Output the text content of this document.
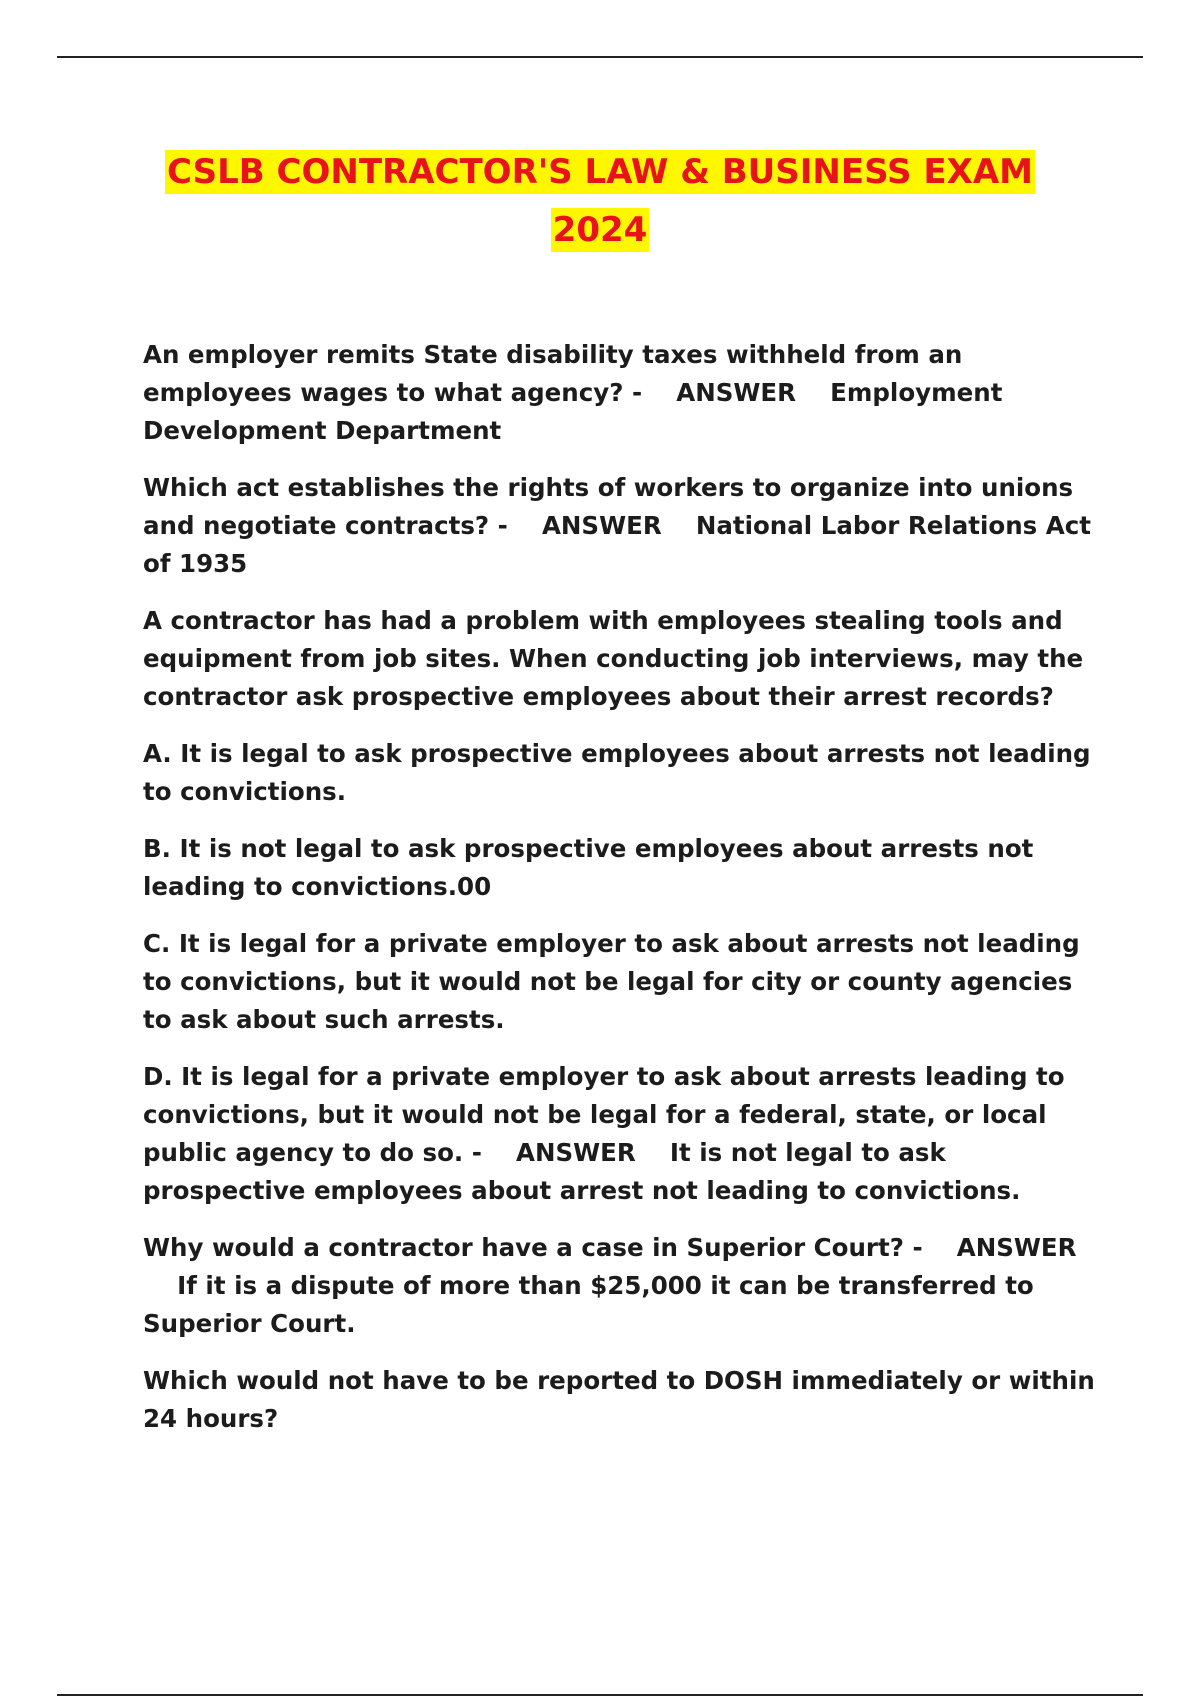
CSLB CONTRACTOR'S LAW & BUSINESS EXAM
2024

An employer remits State disability taxes withheld from an employees wages to what agency? - ANSWER Employment Development Department

Which act establishes the rights of workers to organize into unions and negotiate contracts? - ANSWER National Labor Relations Act of 1935

A contractor has had a problem with employees stealing tools and equipment from job sites. When conducting job interviews, may the contractor ask prospective employees about their arrest records?

A. It is legal to ask prospective employees about arrests not leading to convictions.

B. It is not legal to ask prospective employees about arrests not leading to convictions.00

C. It is legal for a private employer to ask about arrests not leading to convictions, but it would not be legal for city or county agencies to ask about such arrests.

D. It is legal for a private employer to ask about arrests leading to convictions, but it would not be legal for a federal, state, or local public agency to do so. - ANSWER It is not legal to ask prospective employees about arrest not leading to convictions.

Why would a contractor have a case in Superior Court? - ANSWER    If it is a dispute of more than $25,000 it can be transferred to Superior Court.

Which would not have to be reported to DOSH immediately or within 24 hours?
